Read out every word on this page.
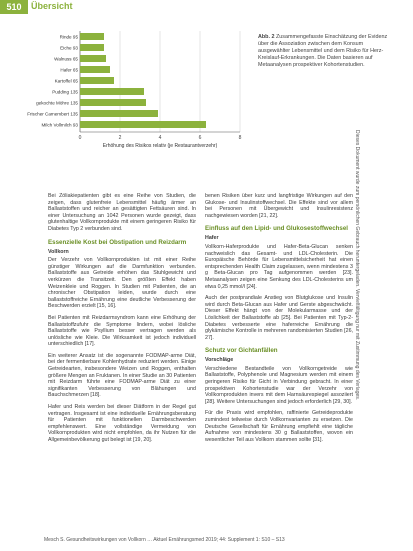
510	Übersicht
0	2	4	6	8
Rinde 95
Eiche 93
Walnuss 65
Hafer 65
Kartoffel 65
Pudding 135
gekochte Möhre 135
Frischer Camembert 135
Milch Vollmilch 93
Erhöhung des Risikos relativ (je Restaurantverzehr)
Abb. 2 Zusammengefasste Einschätzung der Evidenz über die Assoziation zwischen dem Konsum ausgewählter Lebensmittel und dem Risiko für Herz-Kreislauf-Erkrankungen. Die Daten basieren auf Metaanalysen prospektiver Kohortenstudien.

Bei Zöliakiepatienten gibt es eine Reihe von Studien, die zeigen, dass glutenfreie Lebensmittel häufig ärmer an Ballaststoffen und reicher an gesättigten Fettsäuren sind. In einer Untersuchung an 1042 Personen wurde gezeigt, dass glutenhaltige Vollkornprodukte mit einem geringeren Risiko für Diabetes Typ 2 verbunden sind.

Essenzielle Kost bei Obstipation und Reizdarm
Vollkorn

Der Verzehr von Vollkornprodukten ist mit einer Reihe günstiger Wirkungen auf die Darmfunktion verbunden. Ballaststoffe aus Getreide erhöhen das Stuhlgewicht und verkürzen die Transitzeit. Den größten Effekt haben Weizenkleie und Roggen. In Studien mit Patienten, die an chronischer Obstipation leiden, wurde durch eine ballaststoffreiche Ernährung eine deutliche Verbesserung der Beschwerden erzielt [15, 16].

Bei Patienten mit Reizdarmsyndrom kann eine Erhöhung der Ballaststoffzufuhr die Symptome lindern, wobei lösliche Ballaststoffe wie Psyllium besser vertragen werden als unlösliche wie Kleie. Die Wirksamkeit ist jedoch individuell unterschiedlich [17].

Ein weiterer Ansatz ist die sogenannte FODMAP-arme Diät, bei der fermentierbare Kohlenhydrate reduziert werden. Einige Getreidearten, insbesondere Weizen und Roggen, enthalten größere Mengen an Fruktanen. In einer Studie an 30 Patienten mit Reizdarm führte eine FODMAP-arme Diät zu einer signifikanten Verbesserung von Blähungen und Bauchschmerzen [18].

Hafer und Reis werden bei dieser Diätform in der Regel gut vertragen. Insgesamt ist eine individuelle Ernährungsberatung für Patienten mit funktionellen Darmbeschwerden empfehlenswert. Eine vollständige Vermeidung von Vollkornprodukten wird nicht empfohlen, da ihr Nutzen für die Allgemeinbevölkerung gut belegt ist [19, 20].

benen Risiken über kurz und langfristige Wirkungen auf den Glukose- und Insulinstoffwechsel. Die Effekte sind vor allem bei Personen mit Übergewicht und Insulinresistenz nachgewiesen worden [21, 22].

Einfluss auf den Lipid- und Glukosestoffwechsel
Hafer

Vollkorn-Haferprodukte und Hafer-Beta-Glucan senken nachweislich das Gesamt- und LDL-Cholesterin. Die Europäische Behörde für Lebensmittelsicherheit hat einen entsprechenden Health Claim zugelassen, wenn mindestens 3 g Beta-Glucan pro Tag aufgenommen werden [23]. Metaanalysen zeigen eine Senkung des LDL-Cholesterins um etwa 0,25 mmol/l [24].

Auch der postprandiale Anstieg von Blutglukose und Insulin wird durch Beta-Glucan aus Hafer und Gerste abgeschwächt. Dieser Effekt hängt von der Molekularmasse und der Löslichkeit der Ballaststoffe ab [25]. Bei Patienten mit Typ-2-Diabetes verbesserte eine haferreiche Ernährung die glykämische Kontrolle in mehreren randomisierten Studien [26, 27].

Schutz vor Gichtanfällen
Vorschläge

Verschiedene Bestandteile von Vollkorngetreide wie Ballaststoffe, Polyphenole und Magnesium werden mit einem geringeren Risiko für Gicht in Verbindung gebracht. In einer prospektiven Kohortenstudie war der Verzehr von Vollkornprodukten invers mit dem Harnsäurespiegel assoziiert [28]. Weitere Untersuchungen sind jedoch erforderlich [29, 30].

Für die Praxis wird empfohlen, raffinierte Getreideprodukte zumindest teilweise durch Vollkornvarianten zu ersetzen. Die Deutsche Gesellschaft für Ernährung empfiehlt eine tägliche Aufnahme von mindestens 30 g Ballaststoffen, wovon ein wesentlicher Teil aus Vollkorn stammen sollte [31].

Dieses Dokument wurde zum persönlichen Gebrauch heruntergeladen. Vervielfältigung nur mit Zustimmung des Verlages.
Mesch S. Gesundheitswirkungen von Vollkorn … Aktuel Ernährungsmed 2019; 44: Supplement 1: S10 – S13
